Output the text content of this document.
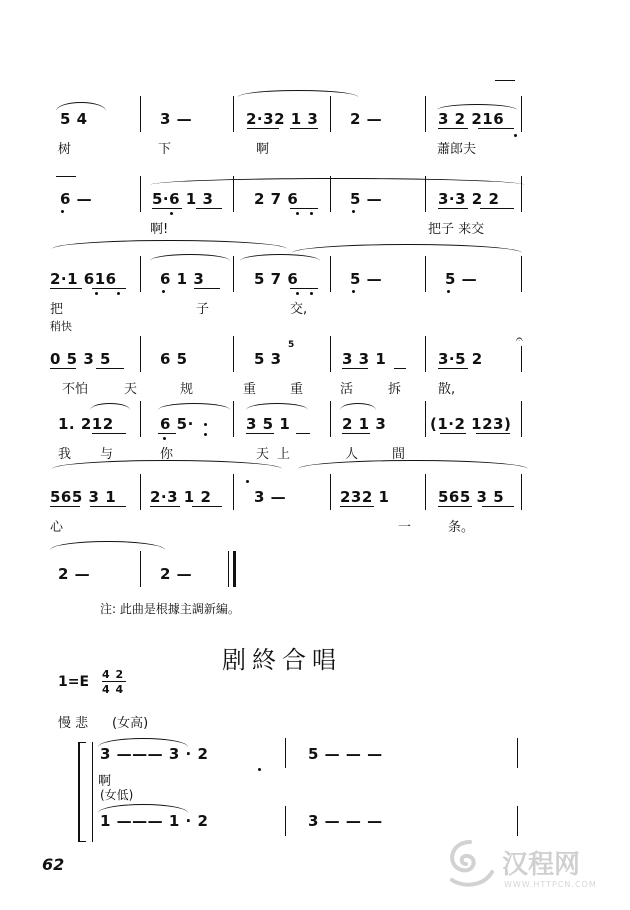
5 4	3 —	2·32 1 3 2 —	3 2 216
树	下	啊	蕭郎夫
6 —	5·6 1 3	2 7 6	5 —	3·3 2 2
啊!	把子 来交
2·1 616	6 1 3	5 7 6	5 —	5 —
把	子	交,
稍快
0 5 3 5	6 5	5 3
5
3 3 1	3·5 2
𝄐
不怕	天	规	重	重	活	拆	散,
1. 212	6 5·	3 5 1	2 1 3	(1·2 123)
我 与	你	天上	人	間
565 3 1 2·3 1 2	3 —	232 1	565 3 5
心	一	条。
2 —	2 —
注: 此曲是根據主調新編。
剧終合唱
1=E 4 2
4 4
慢 悲 (女高)
3 ——— 3 · 2	5 — — —
啊
(女低)
1 ——— 1 · 2	3 — — —
62	汉程网
WWW.HTTPCN.COM
